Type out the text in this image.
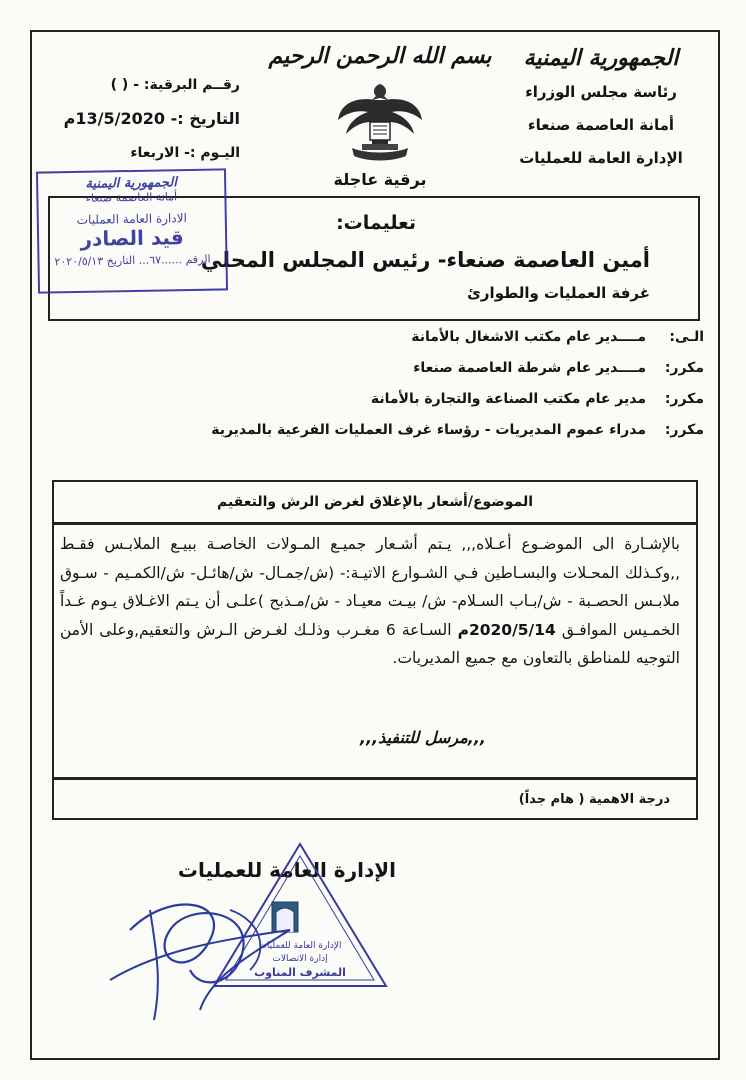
الجمهورية اليمنية
رئاسة مجلس الوزراء
أمانة العاصمة صنعاء
الإدارة العامة للعمليات
بسم الله الرحمن الرحيم
برقية عاجلة
رقــم البرقية: - ( )
التاريخ :- 13/5/2020م
اليـوم :- الاربعاء
تعليمات:
أمين العاصمة صنعاء- رئيس المجلس المحلي
غرفة العمليات والطوارئ
الجمهورية اليمنية
أمانة العاصمة صنعاء
الادارة العامة العمليات
قيد الصادر
الرقم ......٦٧... التاريخ ٢٠٢٠/٥/١٣
الـى:
مــــدير عام مكتب الاشغال بالأمانة
مكرر:
مــــدير عام شرطة العاصمة صنعاء
مكرر:
مدير عام مكتب الصناعة والتجارة بالأمانة
مكرر:
مدراء عموم المديريات - رؤساء غرف العمليات الفرعية بالمديرية
الموضوع/أشعار بالإغلاق لغرض الرش والتعقيم
بالإشـارة الى الموضـوع أعـلاه,,, يـتم أشـعار جميـع المـولات الخاصـة ببيـع الملابـس فقـط ,,وكـذلك المحـلات والبسـاطين فـي الشـوارع الاتيـة:- (ش/جمـال- ش/هائـل- ش/الكمـيم - سـوق ملابـس الحصـبة - ش/بـاب السـلام- ش/ بيـت معيـاد - ش/مـذبح )علـى أن يـتم الاغـلاق يـوم غـداً الخمـيس الموافـق 2020/5/14م السـاعة 6 مغـرب وذلـك لغـرض الـرش والتعقيم,وعلى الأمن التوجيه للمناطق بالتعاون مع جميع المديريات.
,,,مرسل للتنفيذ,,,
درجة الاهمية ( هام جداً)
الإدارة العامة للعمليات
الإدارة العامة للعمليات
إدارة الاتصالات
المشرف المناوب
